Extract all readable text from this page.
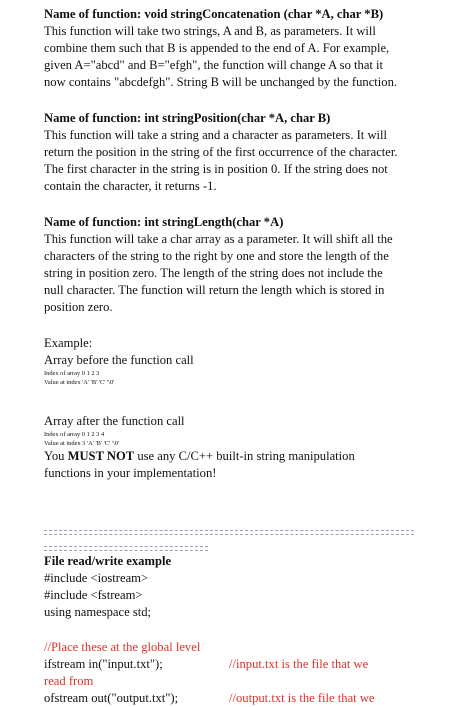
Name of function: void stringConcatenation (char *A, char *B)

This function will take two strings, A and B, as parameters. It will combine them such that B is appended to the end of A. For example, given A="abcd" and B="efgh", the function will change A so that it now contains "abcdefgh". String B will be unchanged by the function.

Name of function: int stringPosition(char *A, char B)

This function will take a string and a character as parameters. It will return the position in the string of the first occurrence of the character. The first character in the string is in position 0. If the string does not contain the character, it returns -1.

Name of function: int stringLength(char *A)

This function will take a char array as a parameter. It will shift all the characters of the string to the right by one and store the length of the string in position zero. The length of the string does not include the null character. The function will return the length which is stored in position zero.

Example:

Array before the function call

Index of array 0 1 2 3

Value at index 'A' 'B' 'C' '\0'

Array after the function call

Index of array 0 1 2 3 4

Value at index 3 'A' 'B' 'C' '\0'

You MUST NOT use any C/C++ built-in string manipulation functions in your implementation!

File read/write example

#include <iostream>

#include <fstream>

using namespace std;

//Place these at the global level

ifstream in("input.txt");	//input.txt is the file that we

read from

ofstream out("output.txt");	//output.txt is the file that we
